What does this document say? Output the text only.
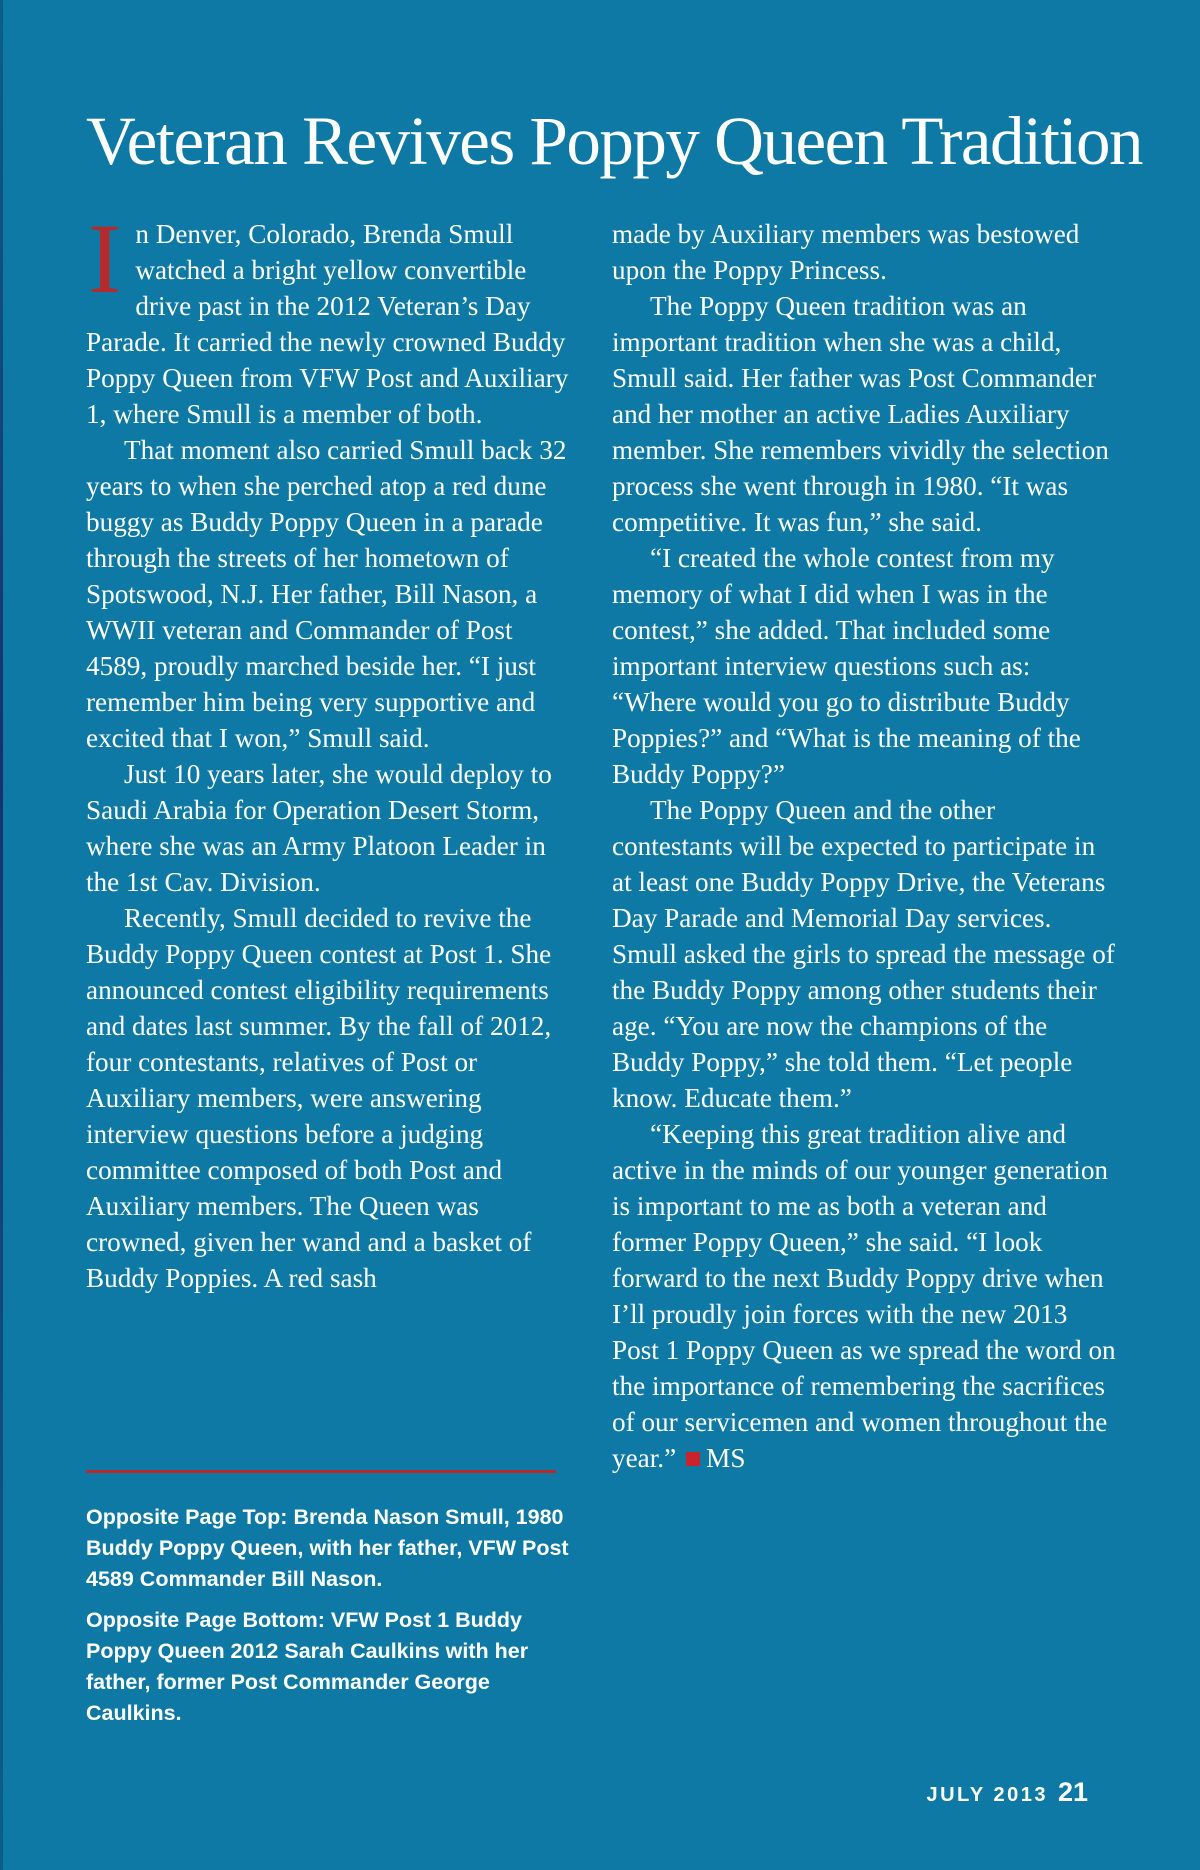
Veteran Revives Poppy Queen Tradition

In Denver, Colorado, Brenda Smull watched a bright yellow convertible drive past in the 2012 Veteran’s Day Parade. It carried the newly crowned Buddy Poppy Queen from VFW Post and Auxiliary 1, where Smull is a member of both.

That moment also carried Smull back 32 years to when she perched atop a red dune buggy as Buddy Poppy Queen in a parade through the streets of her hometown of Spotswood, N.J. Her father, Bill Nason, a WWII veteran and Commander of Post 4589, proudly marched beside her. “I just remember him being very supportive and excited that I won,” Smull said.

Just 10 years later, she would deploy to Saudi Arabia for Operation Desert Storm, where she was an Army Platoon Leader in the 1st Cav. Division.

Recently, Smull decided to revive the Buddy Poppy Queen contest at Post 1. She announced contest eligibility requirements and dates last summer. By the fall of 2012, four contestants, relatives of Post or Auxiliary members, were answering interview questions before a judging committee composed of both Post and Auxiliary members. The Queen was crowned, given her wand and a basket of Buddy Poppies. A red sash

Opposite Page Top: Brenda Nason Smull, 1980 Buddy Poppy Queen, with her father, VFW Post 4589 Commander Bill Nason.

Opposite Page Bottom: VFW Post 1 Buddy Poppy Queen 2012 Sarah Caulkins with her father, former Post Commander George Caulkins.

made by Auxiliary members was bestowed upon the Poppy Princess.

The Poppy Queen tradition was an important tradition when she was a child, Smull said. Her father was Post Commander and her mother an active Ladies Auxiliary member. She remembers vividly the selection process she went through in 1980. “It was competitive. It was fun,” she said.

“I created the whole contest from my memory of what I did when I was in the contest,” she added. That included some important interview questions such as: “Where would you go to distribute Buddy Poppies?” and “What is the meaning of the Buddy Poppy?”

The Poppy Queen and the other contestants will be expected to participate in at least one Buddy Poppy Drive, the Veterans Day Parade and Memorial Day services. Smull asked the girls to spread the message of the Buddy Poppy among other students their age. “You are now the champions of the Buddy Poppy,” she told them. “Let people know. Educate them.”

“Keeping this great tradition alive and active in the minds of our younger generation is important to me as both a veteran and former Poppy Queen,” she said. “I look forward to the next Buddy Poppy drive when I’ll proudly join forces with the new 2013 Post 1 Poppy Queen as we spread the word on the importance of remembering the sacrifices of our servicemen and women throughout the year.” MS

JULY 2013 21
